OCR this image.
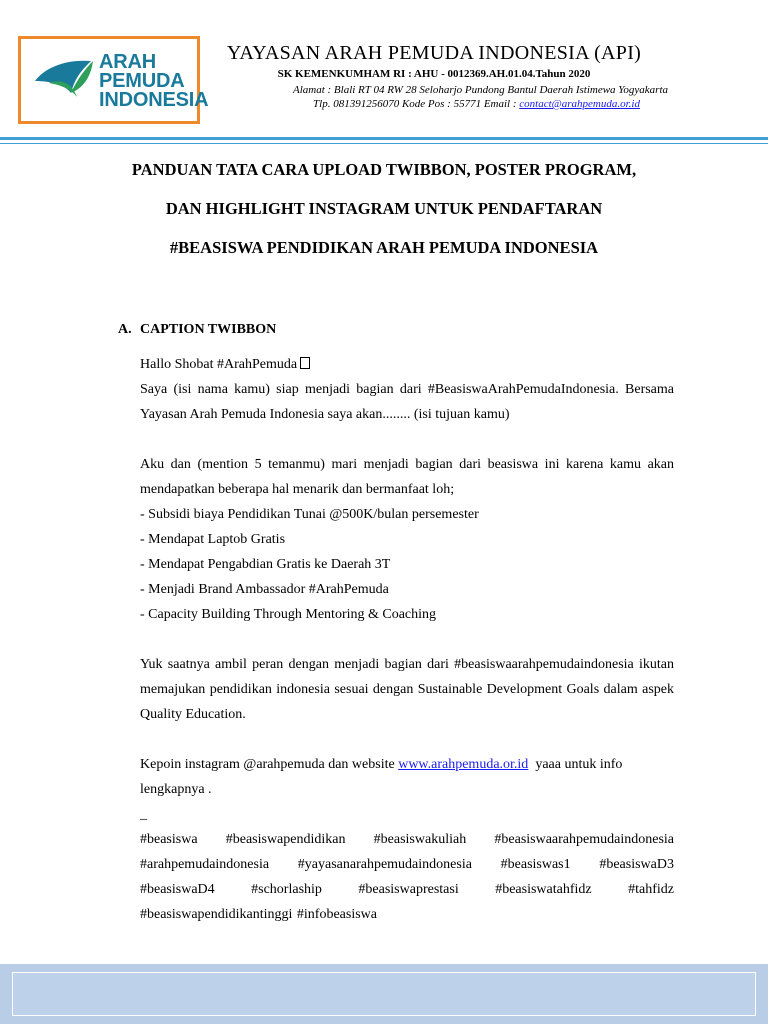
ARAH
PEMUDA
INDONESIA
YAYASAN ARAH PEMUDA INDONESIA (API)
SK KEMENKUMHAM RI : AHU - 0012369.AH.01.04.Tahun 2020
Alamat : Blali RT 04 RW 28 Seloharjo Pundong Bantul Daerah Istimewa Yogyakarta
Tlp. 081391256070 Kode Pos : 55771 Email : contact@arahpemuda.or.id
PANDUAN TATA CARA UPLOAD TWIBBON, POSTER PROGRAM,
DAN HIGHLIGHT INSTAGRAM UNTUK PENDAFTARAN
#BEASISWA PENDIDIKAN ARAH PEMUDA INDONESIA
A. CAPTION TWIBBON

Hallo Shobat #ArahPemuda

Saya (isi nama kamu) siap menjadi bagian dari #BeasiswaArahPemudaIndonesia. Bersama Yayasan Arah Pemuda Indonesia saya akan........ (isi tujuan kamu)

Aku dan (mention 5 temanmu) mari menjadi bagian dari beasiswa ini karena kamu akan mendapatkan beberapa hal menarik dan bermanfaat loh;

- Subsidi biaya Pendidikan Tunai @500K/bulan persemester

- Mendapat Laptob Gratis

- Mendapat Pengabdian Gratis ke Daerah 3T

- Menjadi Brand Ambassador #ArahPemuda

- Capacity Building Through Mentoring & Coaching

Yuk saatnya ambil peran dengan menjadi bagian dari #beasiswaarahpemudaindonesia ikutan memajukan pendidikan indonesia sesuai dengan Sustainable Development Goals dalam aspek Quality Education.

Kepoin instagram @arahpemuda dan website www.arahpemuda.or.id  yaaa untuk info lengkapnya .

_

#beasiswa #beasiswapendidikan #beasiswakuliah #beasiswaarahpemudaindonesia #arahpemudaindonesia #yayasanarahpemudaindonesia #beasiswas1 #beasiswaD3 #beasiswaD4 #schorlaship #beasiswaprestasi #beasiswatahfidz #tahfidz #beasiswapendidikantinggi #infobeasiswa
